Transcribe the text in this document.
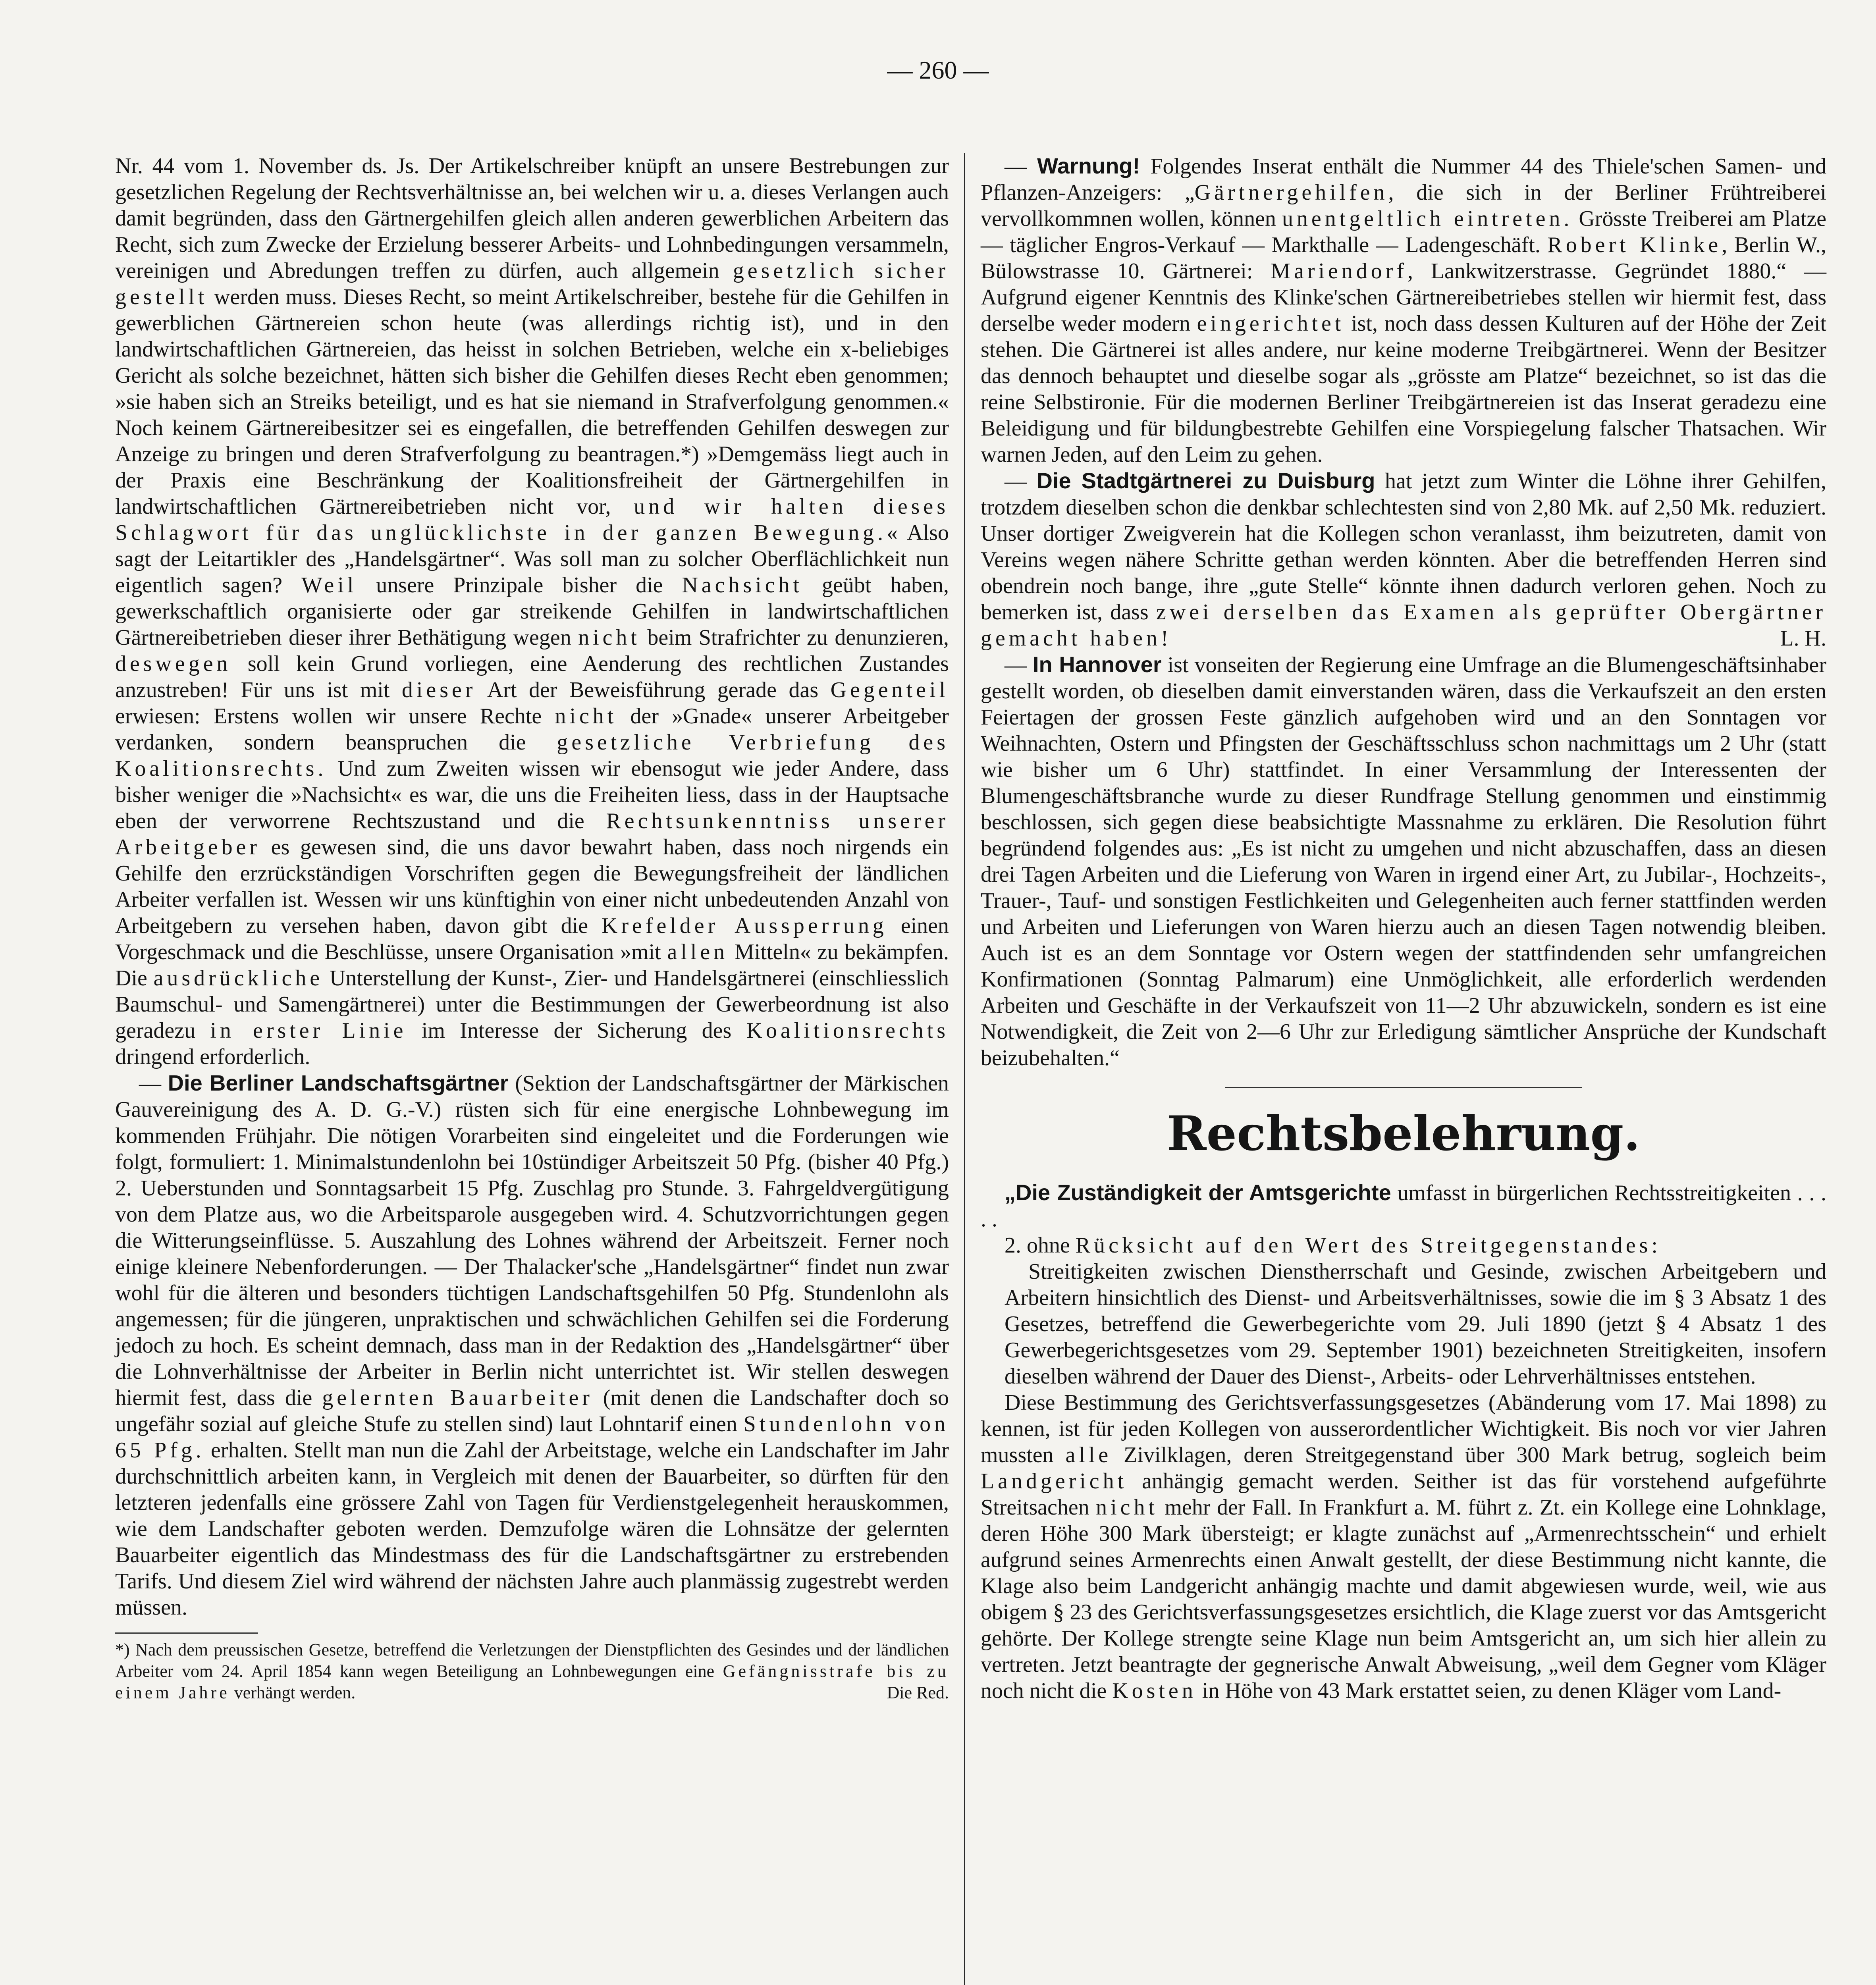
— 260 —

Nr. 44 vom 1. November ds. Js. Der Artikelschreiber knüpft an unsere Bestrebungen zur gesetzlichen Regelung der Rechtsverhältnisse an, bei welchen wir u. a. dieses Verlangen auch damit begründen, dass den Gärtnergehilfen gleich allen anderen gewerblichen Arbeitern das Recht, sich zum Zwecke der Erzielung besserer Arbeits- und Lohnbedingungen versammeln, vereinigen und Abredungen treffen zu dürfen, auch allgemein gesetzlich sicher gestellt werden muss. Dieses Recht, so meint Artikelschreiber, bestehe für die Gehilfen in gewerblichen Gärtnereien schon heute (was allerdings richtig ist), und in den landwirtschaftlichen Gärtnereien, das heisst in solchen Betrieben, welche ein x-beliebiges Gericht als solche bezeichnet, hätten sich bisher die Gehilfen dieses Recht eben genommen; »sie haben sich an Streiks beteiligt, und es hat sie niemand in Strafverfolgung genommen.« Noch keinem Gärtnereibesitzer sei es eingefallen, die betreffenden Gehilfen deswegen zur Anzeige zu bringen und deren Strafverfolgung zu beantragen.*) »Demgemäss liegt auch in der Praxis eine Beschränkung der Koalitionsfreiheit der Gärtnergehilfen in landwirtschaftlichen Gärtnereibetrieben nicht vor, und wir halten dieses Schlagwort für das unglücklichste in der ganzen Bewegung.« Also sagt der Leitartikler des „Handelsgärtner“. Was soll man zu solcher Oberflächlichkeit nun eigentlich sagen? Weil unsere Prinzipale bisher die Nachsicht geübt haben, gewerkschaftlich organisierte oder gar streikende Gehilfen in landwirtschaftlichen Gärtnereibetrieben dieser ihrer Bethätigung wegen nicht beim Strafrichter zu denunzieren, deswegen soll kein Grund vorliegen, eine Aenderung des rechtlichen Zustandes anzustreben! Für uns ist mit dieser Art der Beweisführung gerade das Gegenteil erwiesen: Erstens wollen wir unsere Rechte nicht der »Gnade« unserer Arbeitgeber verdanken, sondern beanspruchen die gesetzliche Verbriefung des Koalitionsrechts. Und zum Zweiten wissen wir ebensogut wie jeder Andere, dass bisher weniger die »Nachsicht« es war, die uns die Freiheiten liess, dass in der Hauptsache eben der verworrene Rechtszustand und die Rechtsunkenntniss unserer Arbeitgeber es gewesen sind, die uns davor bewahrt haben, dass noch nirgends ein Gehilfe den erzrückständigen Vorschriften gegen die Bewegungsfreiheit der ländlichen Arbeiter verfallen ist. Wessen wir uns künftighin von einer nicht unbedeutenden Anzahl von Arbeitgebern zu versehen haben, davon gibt die Krefelder Aussperrung einen Vorgeschmack und die Beschlüsse, unsere Organisation »mit allen Mitteln« zu bekämpfen. Die ausdrückliche Unterstellung der Kunst-, Zier- und Handelsgärtnerei (einschliesslich Baumschul- und Samengärtnerei) unter die Bestimmungen der Gewerbeordnung ist also geradezu in erster Linie im Interesse der Sicherung des Koalitionsrechts dringend erforderlich.

— Die Berliner Landschaftsgärtner (Sektion der Landschaftsgärtner der Märkischen Gauvereinigung des A. D. G.-V.) rüsten sich für eine energische Lohnbewegung im kommenden Frühjahr. Die nötigen Vorarbeiten sind eingeleitet und die Forderungen wie folgt, formuliert: 1. Minimalstundenlohn bei 10stündiger Arbeitszeit 50 Pfg. (bisher 40 Pfg.) 2. Ueberstunden und Sonntagsarbeit 15 Pfg. Zuschlag pro Stunde. 3. Fahrgeldvergütigung von dem Platze aus, wo die Arbeitsparole ausgegeben wird. 4. Schutzvorrichtungen gegen die Witterungseinflüsse. 5. Auszahlung des Lohnes während der Arbeitszeit. Ferner noch einige kleinere Nebenforderungen. — Der Thalacker'sche „Handelsgärtner“ findet nun zwar wohl für die älteren und besonders tüchtigen Landschaftsgehilfen 50 Pfg. Stundenlohn als angemessen; für die jüngeren, unpraktischen und schwächlichen Gehilfen sei die Forderung jedoch zu hoch. Es scheint demnach, dass man in der Redaktion des „Handelsgärtner“ über die Lohnverhältnisse der Arbeiter in Berlin nicht unterrichtet ist. Wir stellen deswegen hiermit fest, dass die gelernten Bauarbeiter (mit denen die Landschafter doch so ungefähr sozial auf gleiche Stufe zu stellen sind) laut Lohntarif einen Stundenlohn von 65 Pfg. erhalten. Stellt man nun die Zahl der Arbeitstage, welche ein Landschafter im Jahr durchschnittlich arbeiten kann, in Vergleich mit denen der Bauarbeiter, so dürften für den letzteren jedenfalls eine grössere Zahl von Tagen für Verdienstgelegenheit herauskommen, wie dem Landschafter geboten werden. Demzufolge wären die Lohnsätze der gelernten Bauarbeiter eigentlich das Mindestmass des für die Landschaftsgärtner zu erstrebenden Tarifs. Und diesem Ziel wird während der nächsten Jahre auch planmässig zugestrebt werden müssen.

*) Nach dem preussischen Gesetze, betreffend die Verletzungen der Dienstpflichten des Gesindes und der ländlichen Arbeiter vom 24. April 1854 kann wegen Beteiligung an Lohnbewegungen eine Gefängnisstrafe bis zu einem Jahre verhängt werden.	Die Red.

— Warnung! Folgendes Inserat enthält die Nummer 44 des Thiele'schen Samen- und Pflanzen-Anzeigers: „Gärtnergehilfen, die sich in der Berliner Frühtreiberei vervollkommnen wollen, können unentgeltlich eintreten. Grösste Treiberei am Platze — täglicher Engros-Verkauf — Markthalle — Ladengeschäft. Robert Klinke, Berlin W., Bülowstrasse 10. Gärtnerei: Mariendorf, Lankwitzerstrasse. Gegründet 1880.“ — Aufgrund eigener Kenntnis des Klinke'schen Gärtnereibetriebes stellen wir hiermit fest, dass derselbe weder modern eingerichtet ist, noch dass dessen Kulturen auf der Höhe der Zeit stehen. Die Gärtnerei ist alles andere, nur keine moderne Treibgärtnerei. Wenn der Besitzer das dennoch behauptet und dieselbe sogar als „grösste am Platze“ bezeichnet, so ist das die reine Selbstironie. Für die modernen Berliner Treibgärtnereien ist das Inserat geradezu eine Beleidigung und für bildungbestrebte Gehilfen eine Vorspiegelung falscher Thatsachen. Wir warnen Jeden, auf den Leim zu gehen.

— Die Stadtgärtnerei zu Duisburg hat jetzt zum Winter die Löhne ihrer Gehilfen, trotzdem dieselben schon die denkbar schlechtesten sind von 2,80 Mk. auf 2,50 Mk. reduziert. Unser dortiger Zweigverein hat die Kollegen schon veranlasst, ihm beizutreten, damit von Vereins wegen nähere Schritte gethan werden könnten. Aber die betreffenden Herren sind obendrein noch bange, ihre „gute Stelle“ könnte ihnen dadurch verloren gehen. Noch zu bemerken ist, dass zwei derselben das Examen als geprüfter Obergärtner gemacht haben!	L. H.

— In Hannover ist vonseiten der Regierung eine Umfrage an die Blumengeschäftsinhaber gestellt worden, ob dieselben damit einverstanden wären, dass die Verkaufszeit an den ersten Feiertagen der grossen Feste gänzlich aufgehoben wird und an den Sonntagen vor Weihnachten, Ostern und Pfingsten der Geschäftsschluss schon nachmittags um 2 Uhr (statt wie bisher um 6 Uhr) stattfindet. In einer Versammlung der Interessenten der Blumengeschäftsbranche wurde zu dieser Rundfrage Stellung genommen und einstimmig beschlossen, sich gegen diese beabsichtigte Massnahme zu erklären. Die Resolution führt begründend folgendes aus: „Es ist nicht zu umgehen und nicht abzuschaffen, dass an diesen drei Tagen Arbeiten und die Lieferung von Waren in irgend einer Art, zu Jubilar-, Hochzeits-, Trauer-, Tauf- und sonstigen Festlichkeiten und Gelegenheiten auch ferner stattfinden werden und Arbeiten und Lieferungen von Waren hierzu auch an diesen Tagen notwendig bleiben. Auch ist es an dem Sonntage vor Ostern wegen der stattfindenden sehr umfangreichen Konfirmationen (Sonntag Palmarum) eine Unmöglichkeit, alle erforderlich werdenden Arbeiten und Geschäfte in der Verkaufszeit von 11—2 Uhr abzuwickeln, sondern es ist eine Notwendigkeit, die Zeit von 2—6 Uhr zur Erledigung sämtlicher Ansprüche der Kundschaft beizubehalten.“

Rechtsbelehrung.

„Die Zuständigkeit der Amtsgerichte umfasst in bürgerlichen Rechtsstreitigkeiten . . . . .

2. ohne Rücksicht auf den Wert des Streitgegenstandes:

Streitigkeiten zwischen Dienstherrschaft und Gesinde, zwischen Arbeitgebern und Arbeitern hinsichtlich des Dienst- und Arbeitsverhältnisses, sowie die im § 3 Absatz 1 des Gesetzes, betreffend die Gewerbegerichte vom 29. Juli 1890 (jetzt § 4 Absatz 1 des Gewerbegerichtsgesetzes vom 29. September 1901) bezeichneten Streitigkeiten, insofern dieselben während der Dauer des Dienst-, Arbeits- oder Lehrverhältnisses entstehen.

Diese Bestimmung des Gerichtsverfassungsgesetzes (Abänderung vom 17. Mai 1898) zu kennen, ist für jeden Kollegen von ausserordentlicher Wichtigkeit. Bis noch vor vier Jahren mussten alle Zivilklagen, deren Streitgegenstand über 300 Mark betrug, sogleich beim Landgericht anhängig gemacht werden. Seither ist das für vorstehend aufgeführte Streitsachen nicht mehr der Fall. In Frankfurt a. M. führt z. Zt. ein Kollege eine Lohnklage, deren Höhe 300 Mark übersteigt; er klagte zunächst auf „Armenrechtsschein“ und erhielt aufgrund seines Armenrechts einen Anwalt gestellt, der diese Bestimmung nicht kannte, die Klage also beim Landgericht anhängig machte und damit abgewiesen wurde, weil, wie aus obigem § 23 des Gerichtsverfassungsgesetzes ersichtlich, die Klage zuerst vor das Amtsgericht gehörte. Der Kollege strengte seine Klage nun beim Amtsgericht an, um sich hier allein zu vertreten. Jetzt beantragte der gegnerische Anwalt Abweisung, „weil dem Gegner vom Kläger noch nicht die Kosten in Höhe von 43 Mark erstattet seien, zu denen Kläger vom Land-
